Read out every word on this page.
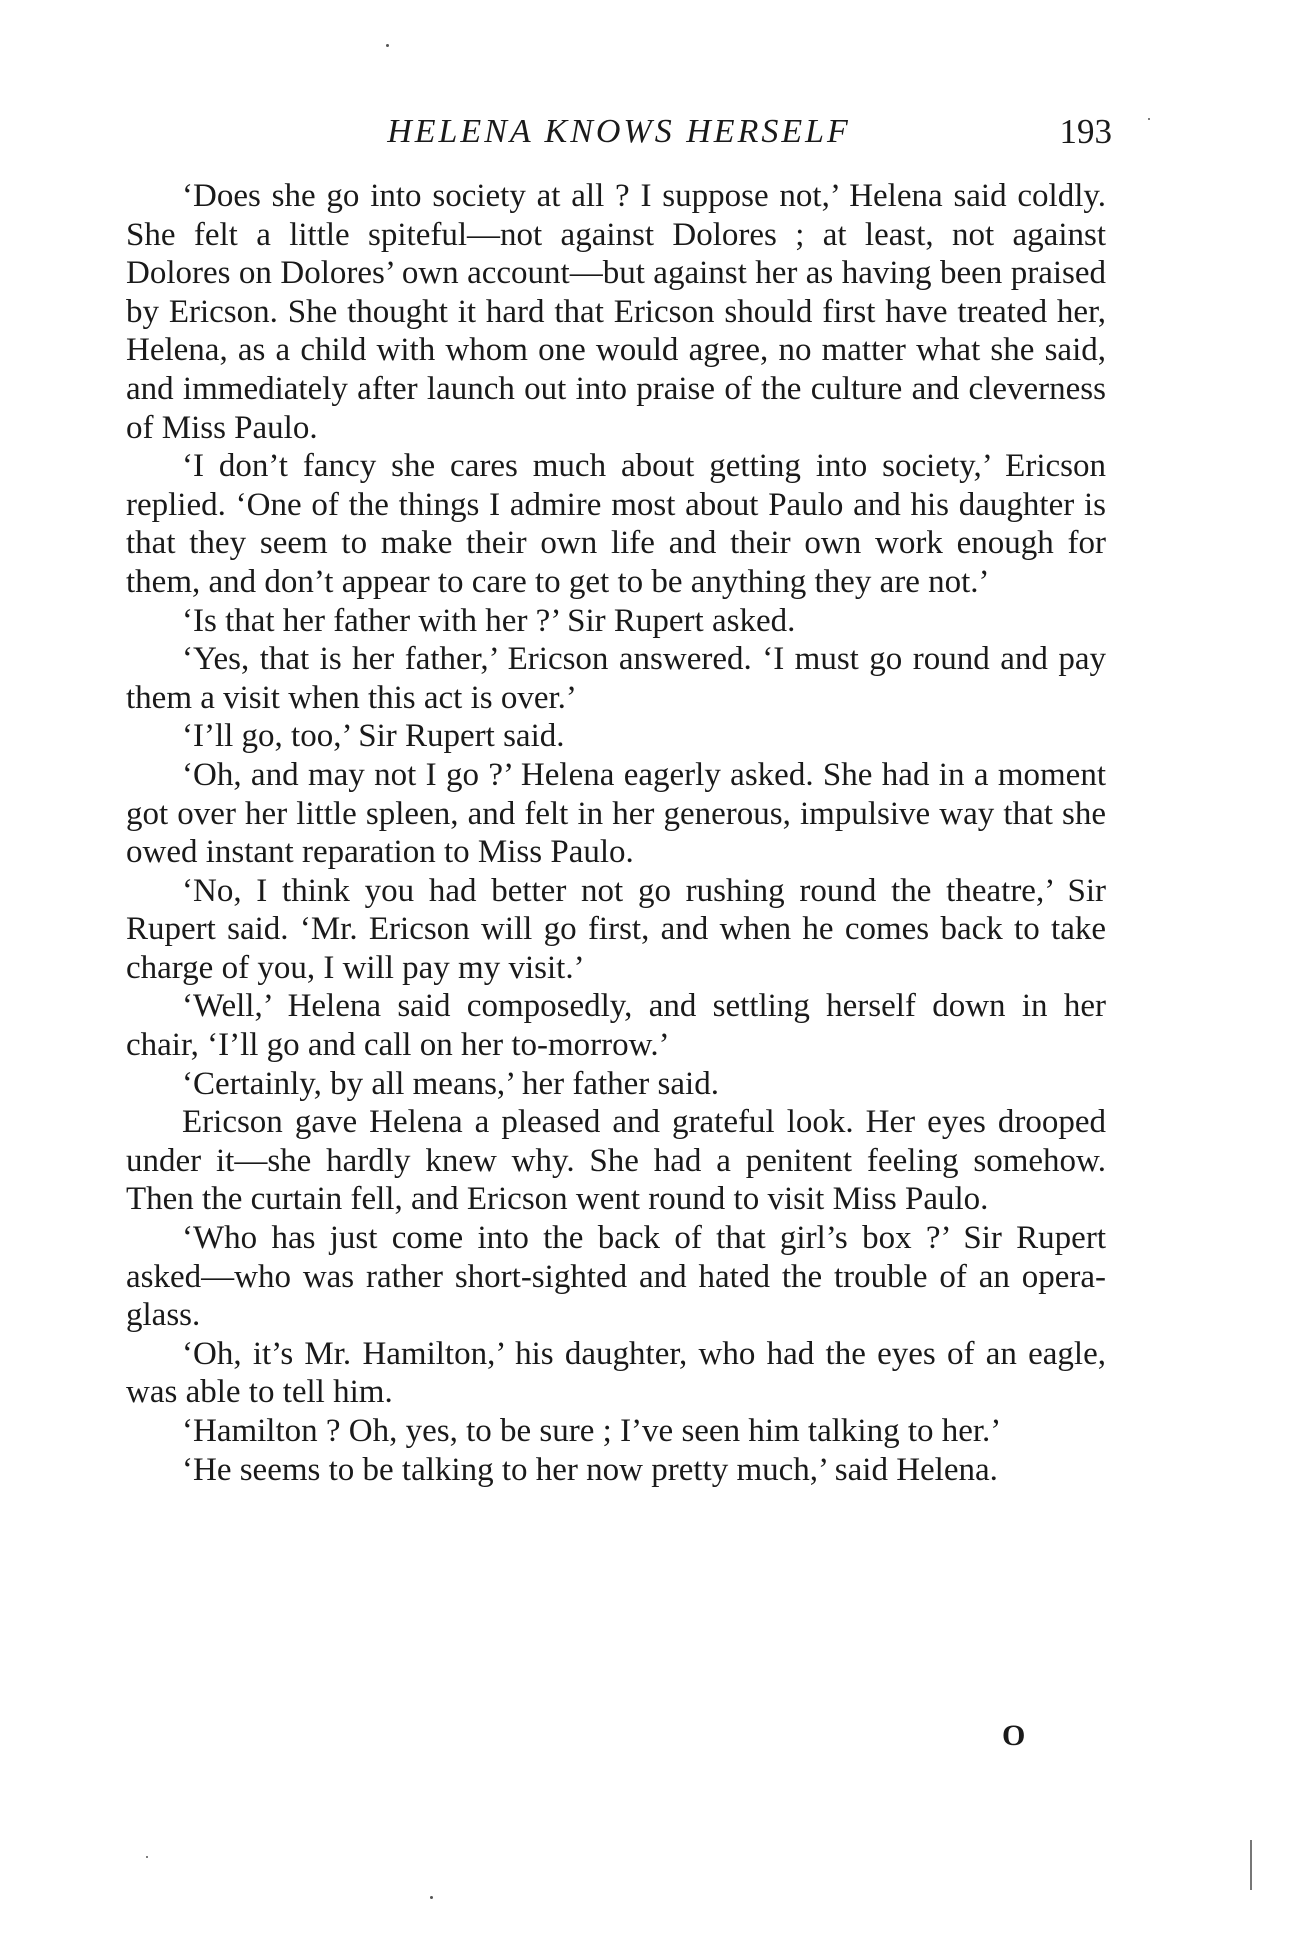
HELENA KNOWS HERSELF	193

‘Does she go into society at all ? I suppose not,’ Helena said coldly. She felt a little spiteful—not against Dolores ; at least, not against Dolores on Dolores’ own account—but against her as having been praised by Ericson. She thought it hard that Ericson should first have treated her, Helena, as a child with whom one would agree, no matter what she said, and immediately after launch out into praise of the culture and cleverness of Miss Paulo.

‘I don’t fancy she cares much about getting into society,’ Ericson replied. ‘One of the things I admire most about Paulo and his daughter is that they seem to make their own life and their own work enough for them, and don’t appear to care to get to be anything they are not.’

‘Is that her father with her ?’ Sir Rupert asked.

‘Yes, that is her father,’ Ericson answered. ‘I must go round and pay them a visit when this act is over.’

‘I’ll go, too,’ Sir Rupert said.

‘Oh, and may not I go ?’ Helena eagerly asked. She had in a moment got over her little spleen, and felt in her generous, impulsive way that she owed instant reparation to Miss Paulo.

‘No, I think you had better not go rushing round the theatre,’ Sir Rupert said. ‘Mr. Ericson will go first, and when he comes back to take charge of you, I will pay my visit.’

‘Well,’ Helena said composedly, and settling herself down in her chair, ‘I’ll go and call on her to-morrow.’

‘Certainly, by all means,’ her father said.

Ericson gave Helena a pleased and grateful look. Her eyes drooped under it—she hardly knew why. She had a penitent feeling somehow. Then the curtain fell, and Ericson went round to visit Miss Paulo.

‘Who has just come into the back of that girl’s box ?’ Sir Rupert asked—who was rather short-sighted and hated the trouble of an opera-glass.

‘Oh, it’s Mr. Hamilton,’ his daughter, who had the eyes of an eagle, was able to tell him.

‘Hamilton ? Oh, yes, to be sure ; I’ve seen him talking to her.’

‘He seems to be talking to her now pretty much,’ said Helena.

O
